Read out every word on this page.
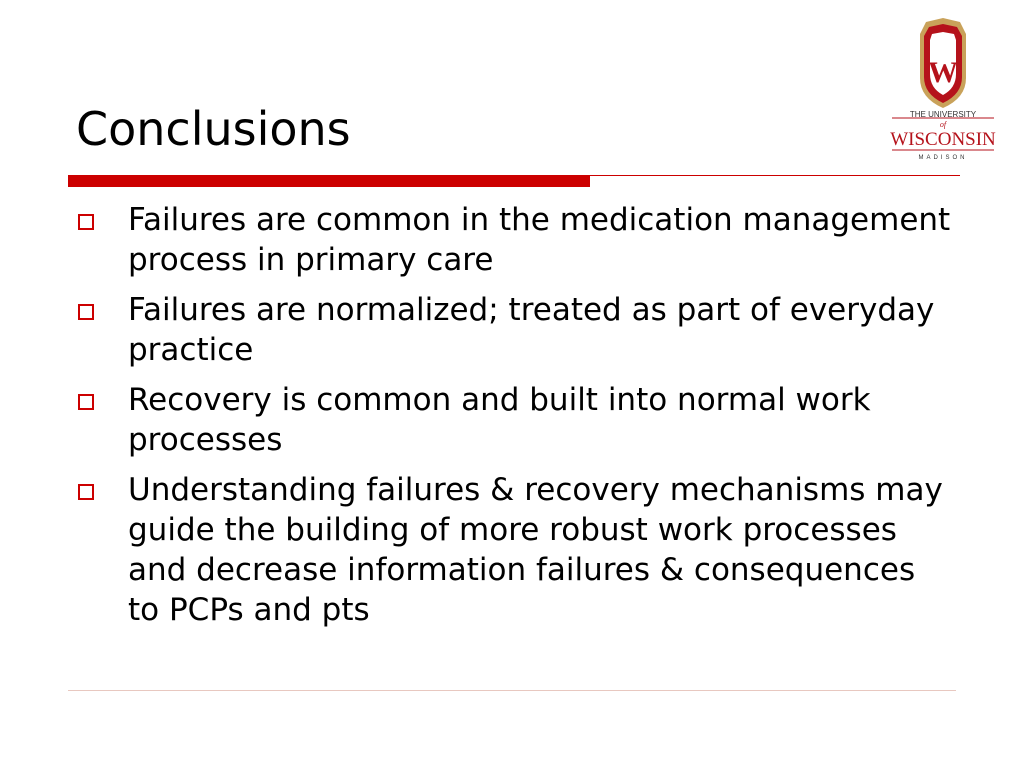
Conclusions
Failures are common in the medication management process in primary care
Failures are normalized; treated as part of everyday practice
Recovery is common and built into normal work processes
Understanding failures & recovery mechanisms may guide the building of more robust work processes and decrease information failures & consequences to PCPs and pts
W
THE UNIVERSITY
of
WISCONSIN
MADISON
